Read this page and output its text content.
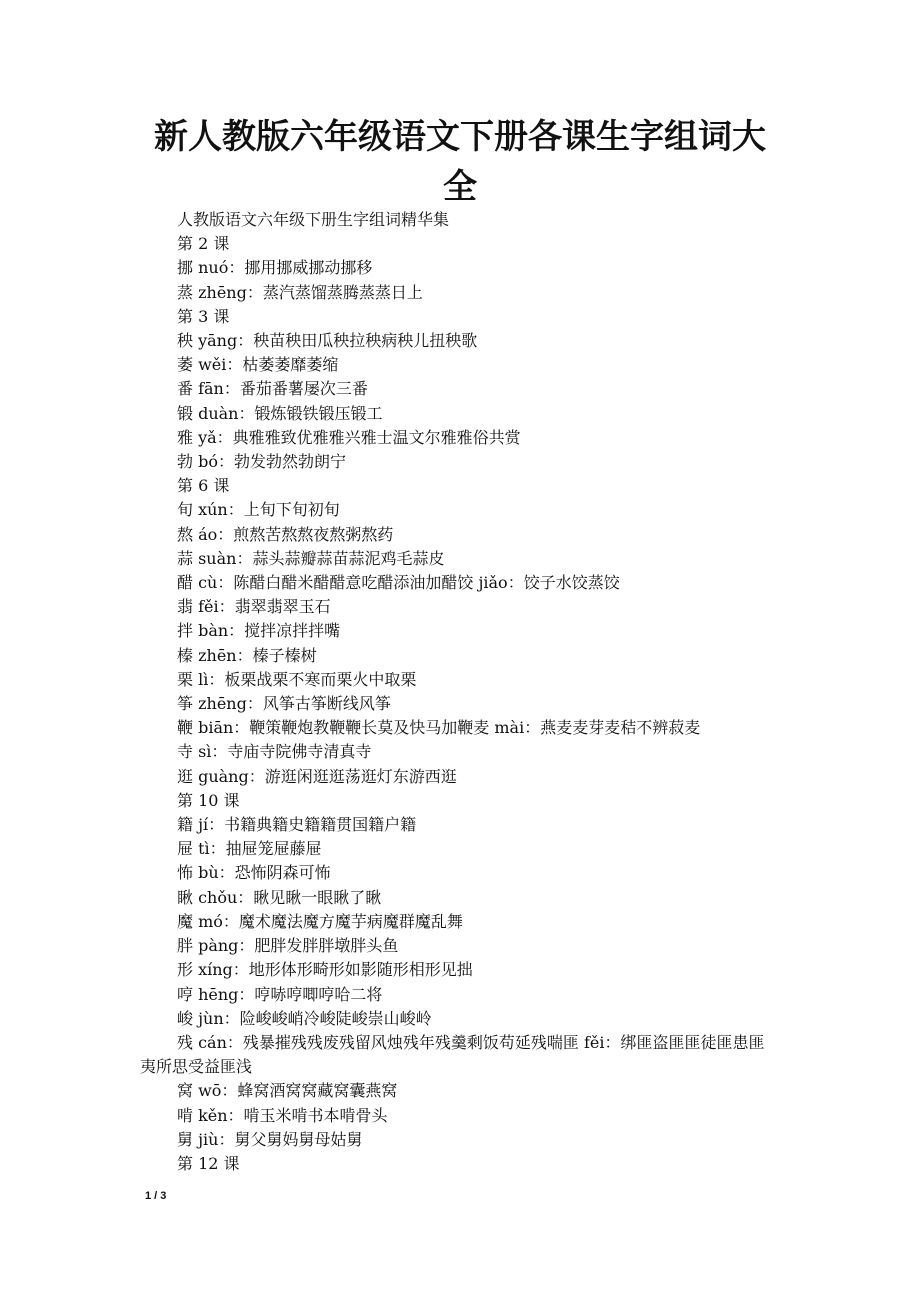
新人教版六年级语文下册各课生字组词大全
人教版语文六年级下册生字组词精华集
第 2 课
挪 nuó：挪用挪威挪动挪移
蒸 zhēng：蒸汽蒸馏蒸腾蒸蒸日上
第 3 课
秧 yāng：秧苗秧田瓜秧拉秧病秧儿扭秧歌
萎 wěi：枯萎萎靡萎缩
番 fān：番茄番薯屡次三番
锻 duàn：锻炼锻铁锻压锻工
雅 yǎ：典雅雅致优雅雅兴雅士温文尔雅雅俗共赏
勃 bó：勃发勃然勃朗宁
第 6 课
旬 xún：上旬下旬初旬
熬 áo：煎熬苦熬熬夜熬粥熬药
蒜 suàn：蒜头蒜瓣蒜苗蒜泥鸡毛蒜皮
醋 cù：陈醋白醋米醋醋意吃醋添油加醋饺 jiǎo：饺子水饺蒸饺
翡 fěi：翡翠翡翠玉石
拌 bàn：搅拌凉拌拌嘴
榛 zhēn：榛子榛树
栗 lì：板栗战栗不寒而栗火中取栗
筝 zhēng：风筝古筝断线风筝
鞭 biān：鞭策鞭炮教鞭鞭长莫及快马加鞭麦 mài：燕麦麦芽麦秸不辨菽麦
寺 sì：寺庙寺院佛寺清真寺
逛 guàng：游逛闲逛逛荡逛灯东游西逛
第 10 课
籍 jí：书籍典籍史籍籍贯国籍户籍
屉 tì：抽屉笼屉藤屉
怖 bù：恐怖阴森可怖
瞅 chǒu：瞅见瞅一眼瞅了瞅
魔 mó：魔术魔法魔方魔芋病魔群魔乱舞
胖 pàng：肥胖发胖胖墩胖头鱼
形 xíng：地形体形畸形如影随形相形见拙
哼 hēng：哼哧哼唧哼哈二将
峻 jùn：险峻峻峭冷峻陡峻崇山峻岭
残 cán：残暴摧残残废残留风烛残年残羹剩饭苟延残喘匪 fěi：绑匪盗匪匪徒匪患匪夷所思受益匪浅
窝 wō：蜂窝酒窝窝藏窝囊燕窝
啃 kěn：啃玉米啃书本啃骨头
舅 jiù：舅父舅妈舅母姑舅
第 12 课
1 / 3
